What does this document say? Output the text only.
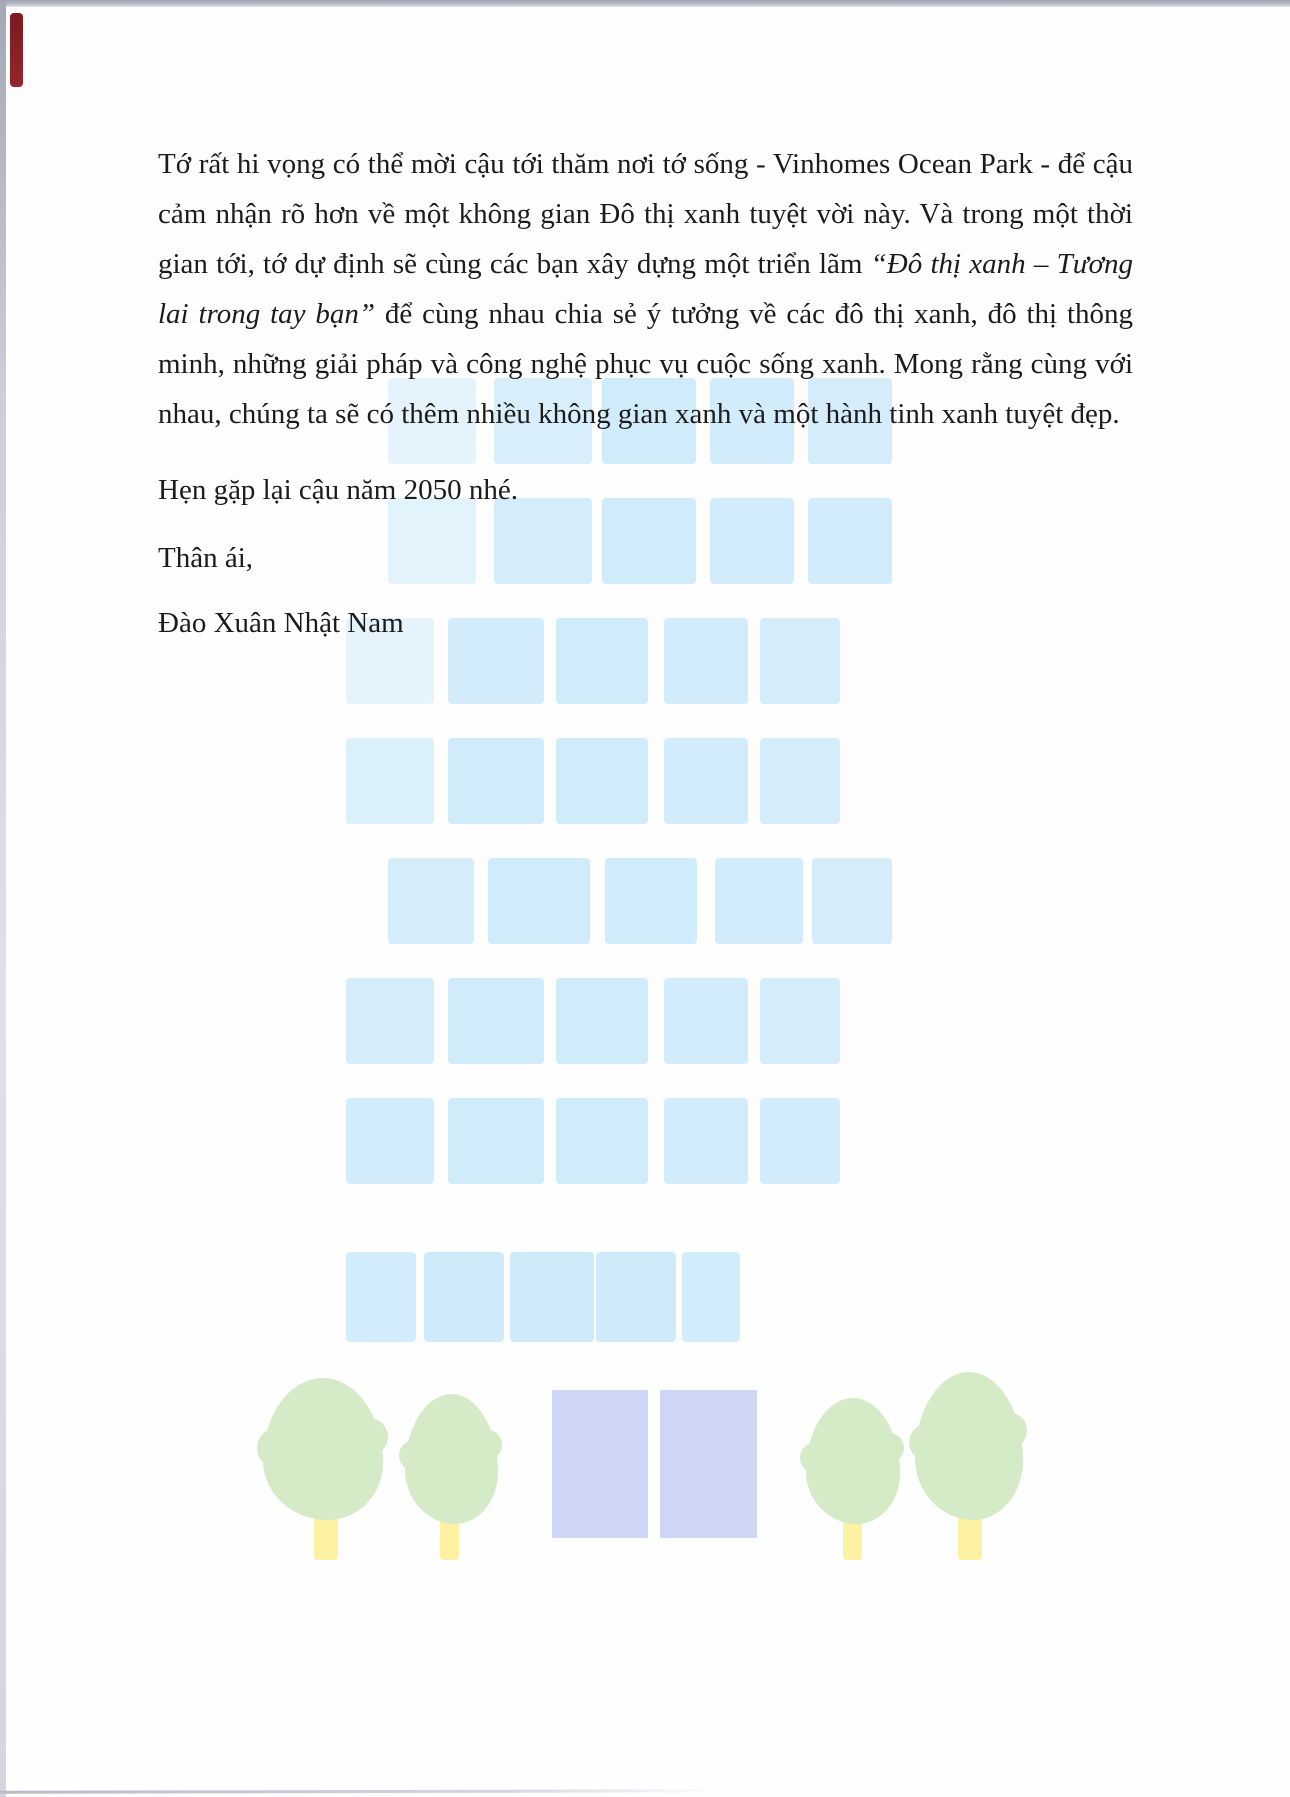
Tớ rất hi vọng có thể mời cậu tới thăm nơi tớ sống - Vinhomes Ocean Park - để cậu
cảm nhận rõ hơn về một không gian Đô thị xanh tuyệt vời này. Và trong một thời
gian tới, tớ dự định sẽ cùng các bạn xây dựng một triển lãm “Đô thị xanh – Tương
lai trong tay bạn” để cùng nhau chia sẻ ý tưởng về các đô thị xanh, đô thị thông
minh, những giải pháp và công nghệ phục vụ cuộc sống xanh. Mong rằng cùng với
nhau, chúng ta sẽ có thêm nhiều không gian xanh và một hành tinh xanh tuyệt đẹp.
Hẹn gặp lại cậu năm 2050 nhé.
Thân ái,
Đào Xuân Nhật Nam
